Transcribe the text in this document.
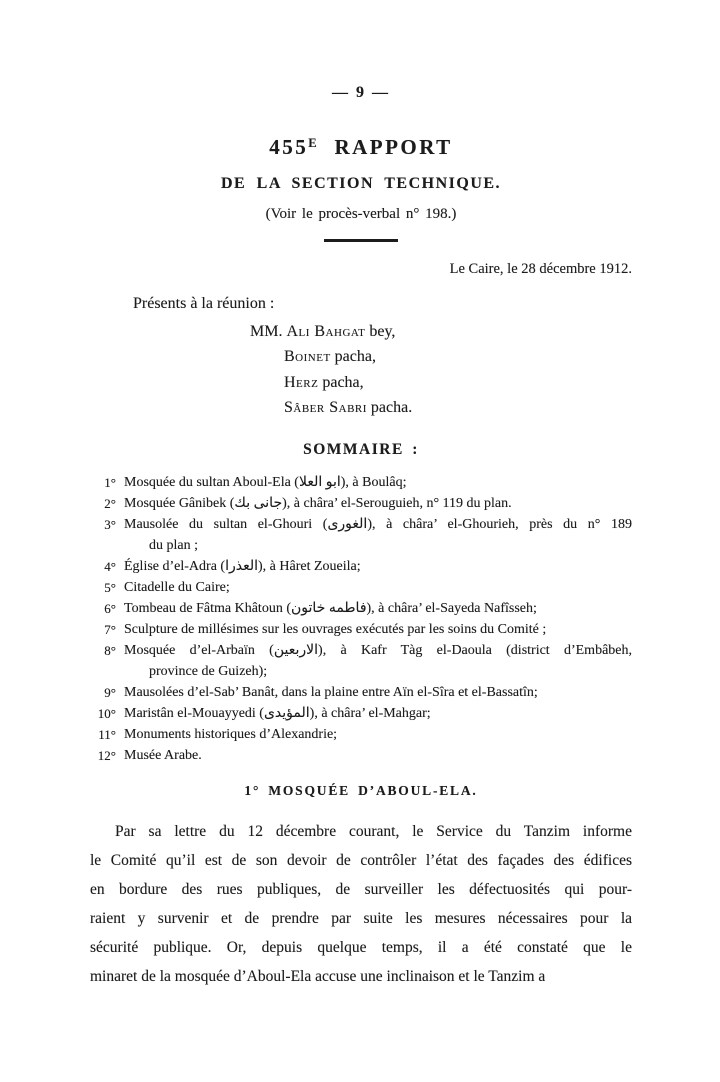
— 9 —
$455^E$ RAPPORT
DE LA SECTION TECHNIQUE.
(Voir le procès-verbal n° 198.)
Le Caire, le 28 décembre 1912.
Présents à la réunion :
MM. Ali Bahgat bey,
Boinet pacha,
Herz pacha,
Sâber Sabri pacha.
SOMMAIRE :
1° Mosquée du sultan Aboul-Ela (ابو العلا), à Boulâq;
2° Mosquée Gânibek (جانى بك), à châra’ el-Serouguieh, n° 119 du plan.
3° Mausolée du sultan el-Ghouri (الغورى), à châra’ el-Ghourieh, près du n° 189
du plan ;
4° Église d’el-Adra (العذرا), à Hâret Zoueila;
5° Citadelle du Caire;
6° Tombeau de Fâtma Khâtoun (فاطمه خاتون), à châra’ el-Sayeda Nafîsseh;
7° Sculpture de millésimes sur les ouvrages exécutés par les soins du Comité ;
8° Mosquée d’el-Arbaïn (الاربعين), à Kafr Tàg el-Daoula (district d’Embâbeh,
province de Guizeh);
9° Mausolées d’el-Sab’ Banât, dans la plaine entre Aïn el-Sîra et el-Bassatîn;
10° Maristân el-Mouayyedi (المؤيدى), à châra’ el-Mahgar;
11° Monuments historiques d’Alexandrie;
12° Musée Arabe.
1° MOSQUÉE D’ABOUL-ELA.
Par sa lettre du 12 décembre courant, le Service du Tanzim informe
le Comité qu’il est de son devoir de contrôler l’état des façades des édifices
en bordure des rues publiques, de surveiller les défectuosités qui pour-
raient y survenir et de prendre par suite les mesures nécessaires pour la
sécurité publique. Or, depuis quelque temps, il a été constaté que le
minaret de la mosquée d’Aboul-Ela accuse une inclinaison et le Tanzim a
